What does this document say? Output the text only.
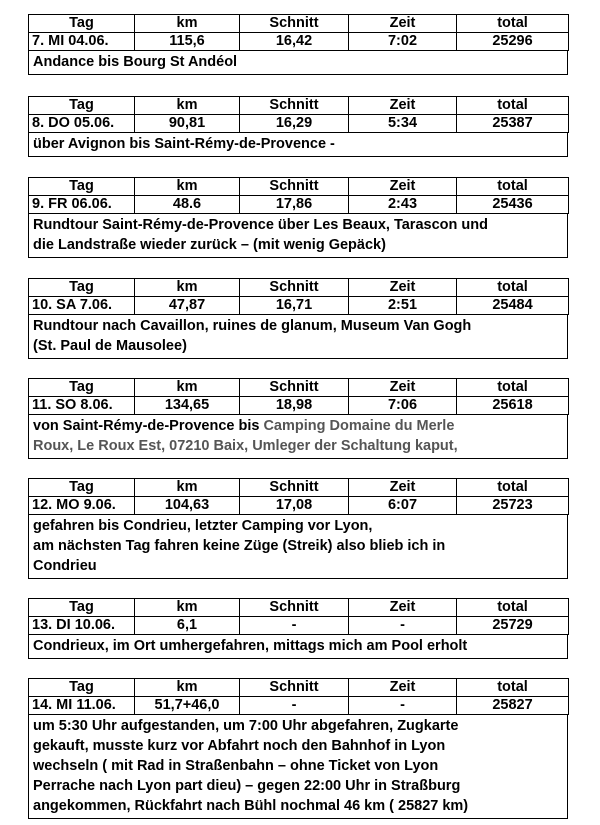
Tag	km	Schnitt	Zeit	total
7. MI 04.06.	115,6	16,42	7:02	25296
Andance bis Bourg St Andéol
Tag	km	Schnitt	Zeit	total
8. DO 05.06.	90,81	16,29	5:34	25387
über Avignon bis Saint-Rémy-de-Provence -
Tag	km	Schnitt	Zeit	total
9. FR 06.06.	48.6	17,86	2:43	25436
Rundtour Saint-Rémy-de-Provence über Les Beaux, Tarascon und
die Landstraße wieder zurück – (mit wenig Gepäck)
Tag	km	Schnitt	Zeit	total
10. SA 7.06.	47,87	16,71	2:51	25484
Rundtour nach Cavaillon, ruines de glanum, Museum Van Gogh
(St. Paul de Mausolee)
Tag	km	Schnitt	Zeit	total
11. SO 8.06.	134,65	18,98	7:06	25618
von Saint-Rémy-de-Provence bis Camping Domaine du Merle
Roux, Le Roux Est, 07210 Baix, Umleger der Schaltung kaput,
Tag	km	Schnitt	Zeit	total
12. MO 9.06.	104,63	17,08	6:07	25723
gefahren bis Condrieu, letzter Camping vor Lyon,
am nächsten Tag fahren keine Züge (Streik) also blieb ich in
Condrieu
Tag	km	Schnitt	Zeit	total
13. DI 10.06.	6,1	-	-	25729
Condrieux, im Ort umhergefahren, mittags mich am Pool erholt
Tag	km	Schnitt	Zeit	total
14. MI 11.06.	51,7+46,0	-	-	25827
um 5:30 Uhr aufgestanden, um 7:00 Uhr abgefahren, Zugkarte
gekauft, musste kurz vor Abfahrt noch den Bahnhof in Lyon
wechseln ( mit Rad in Straßenbahn – ohne Ticket von Lyon
Perrache nach Lyon part dieu) – gegen 22:00 Uhr in Straßburg
angekommen, Rückfahrt nach Bühl nochmal 46 km ( 25827 km)
